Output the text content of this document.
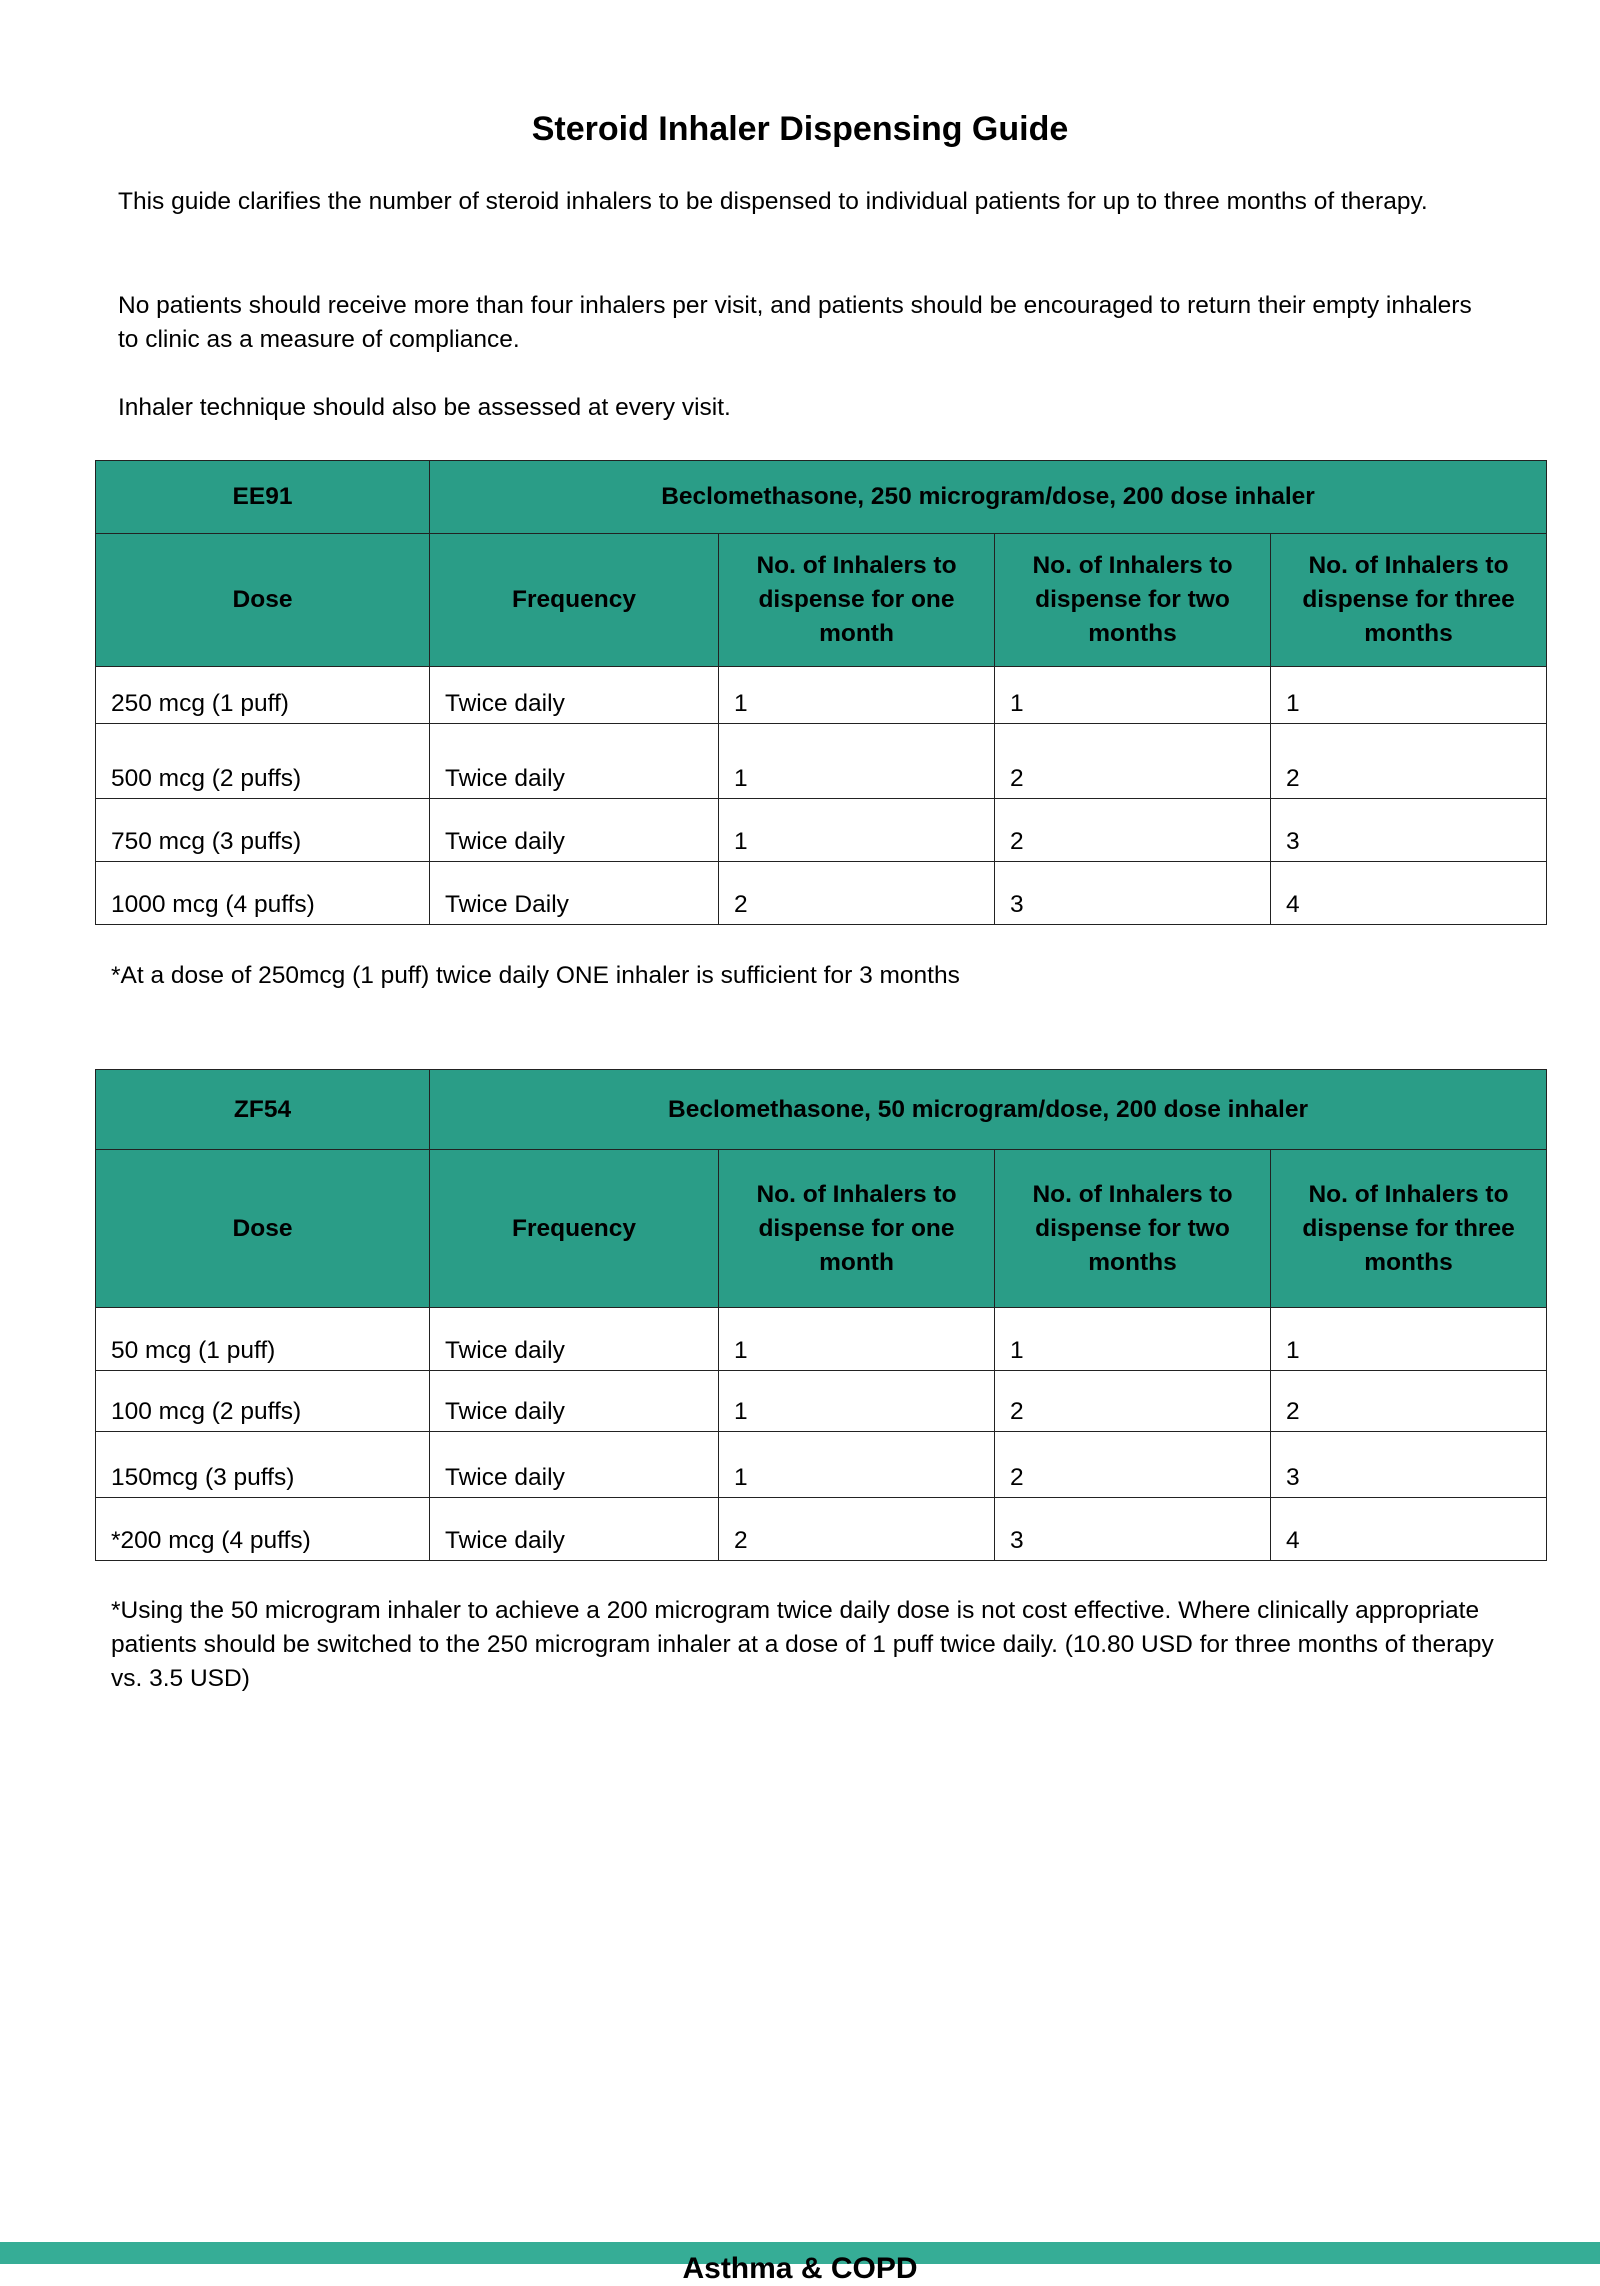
Steroid Inhaler Dispensing Guide

This guide clarifies the number of steroid inhalers to be dispensed to individual patients for up to three months of therapy.

No patients should receive more than four inhalers per visit, and patients should be encouraged to return their empty inhalers to clinic as a measure of compliance.

Inhaler technique should also be assessed at every visit.

EE91	Beclomethasone, 250 microgram/dose, 200 dose inhaler			
Dose	Frequency	No. of Inhalers to dispense for one month	No. of Inhalers to dispense for two months	No. of Inhalers to dispense for three months
250 mcg (1 puff)	Twice daily	1	1	1
500 mcg (2 puffs)	Twice daily	1	2	2
750 mcg (3 puffs)	Twice daily	1	2	3
1000 mcg (4 puffs)	Twice Daily	2	3	4
*At a dose of 250mcg (1 puff) twice daily ONE inhaler is sufficient for 3 months
ZF54	Beclomethasone, 50 microgram/dose, 200 dose inhaler			
Dose	Frequency	No. of Inhalers to dispense for one month	No. of Inhalers to dispense for two months	No. of Inhalers to dispense for three months
50 mcg (1 puff)	Twice daily	1	1	1
100 mcg (2 puffs)	Twice daily	1	2	2
150mcg (3 puffs)	Twice daily	1	2	3
*200 mcg (4 puffs)	Twice daily	2	3	4
*Using the 50 microgram inhaler to achieve a 200 microgram twice daily dose is not cost effective. Where clinically appropriate patients should be switched to the 250 microgram inhaler at a dose of 1 puff twice daily. (10.80 USD for three months of therapy vs. 3.5 USD)
Asthma & COPD
